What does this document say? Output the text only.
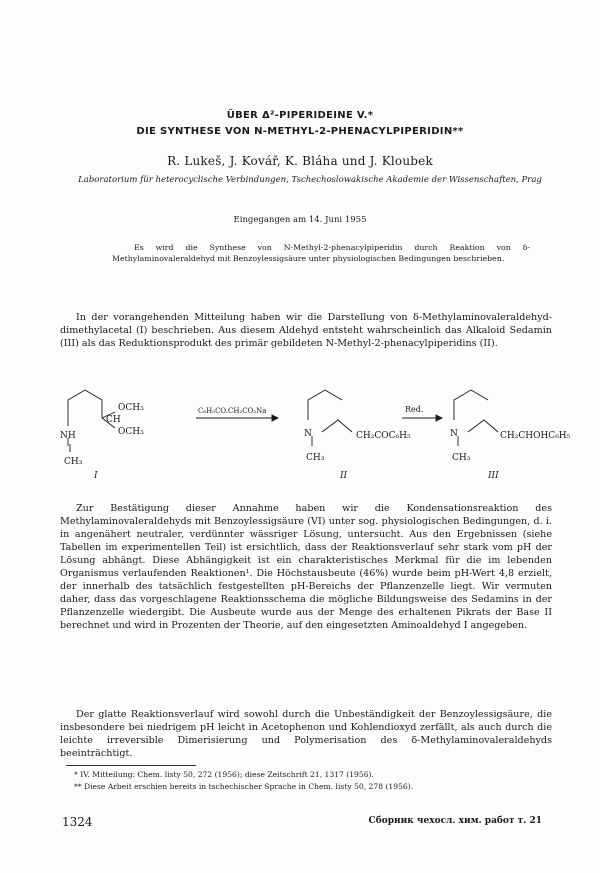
ÜBER Δ²-PIPERIDEINE V.*
DIE SYNTHESE VON N-METHYL-2-PHENACYLPIPERIDIN**
R. Lukeš, J. Kovář, K. Bláha und J. Kloubek
Laboratorium für heterocyclische Verbindungen, Tschechoslowakische Akademie der Wissenschaften, Prag
Eingegangen am 14. Juni 1955
Es wird die Synthese von N-Methyl-2-phenacylpiperidin durch Reaktion von δ-Methylaminovaleraldehyd mit Benzoylessigsäure unter physiologischen Bedingungen beschrieben.

In der vorangehenden Mitteilung haben wir die Darstellung von δ-Methylaminovaleraldehyd-dimethylacetal (I) beschrieben. Aus diesem Aldehyd entsteht wahrscheinlich das Alkaloid Sedamin (III) als das Reduktionsprodukt des primär gebildeten N-Methyl-2-phenacylpiperidins (II).

CH
OCH₃
OCH₃
NH
CH₃
I
C₆H₅CO.CH₂CO₂Na
N	CH₂COC₆H₅
CH₃
II
Red.
N	CH₂CHOHC₆H₅
CH₃
III

Zur Bestätigung dieser Annahme haben wir die Kondensationsreaktion des Methylaminovaleraldehyds mit Benzoylessigsäure (VI) unter sog. physiologischen Bedingungen, d. i. in angenähert neutraler, verdünnter wässriger Lösung, untersucht. Aus den Ergebnissen (siehe Tabellen im experimentellen Teil) ist ersichtlich, dass der Reaktionsverlauf sehr stark vom pH der Lösung abhängt. Diese Abhängigkeit ist ein charakteristisches Merkmal für die im lebenden Organismus verlaufenden Reaktionen¹. Die Höchstausbeute (46%) wurde beim pH-Wert 4,8 erzielt, der innerhalb des tatsächlich festgestellten pH-Bereichs der Pflanzenzelle liegt. Wir vermuten daher, dass das vorgeschlagene Reaktionsschema die mögliche Bildungsweise des Sedamins in der Pflanzenzelle wiedergibt. Die Ausbeute wurde aus der Menge des erhaltenen Pikrats der Base II berechnet und wird in Prozenten der Theorie, auf den eingesetzten Aminoaldehyd I angegeben.

Der glatte Reaktionsverlauf wird sowohl durch die Unbeständigkeit der Benzoylessigsäure, die insbesondere bei niedrigem pH leicht in Acetophenon und Kohlendioxyd zerfällt, als auch durch die leichte irreversible Dimerisierung und Polymerisation des δ-Methylaminovaleraldehyds beeinträchtigt.

* IV. Mitteilung: Chem. listy 50, 272 (1956); diese Zeitschrift 21, 1317 (1956).
** Diese Arbeit erschien bereits in tschechischer Sprache in Chem. listy 50, 278 (1956).
1324	Сборник чехосл. хим. работ т. 21
